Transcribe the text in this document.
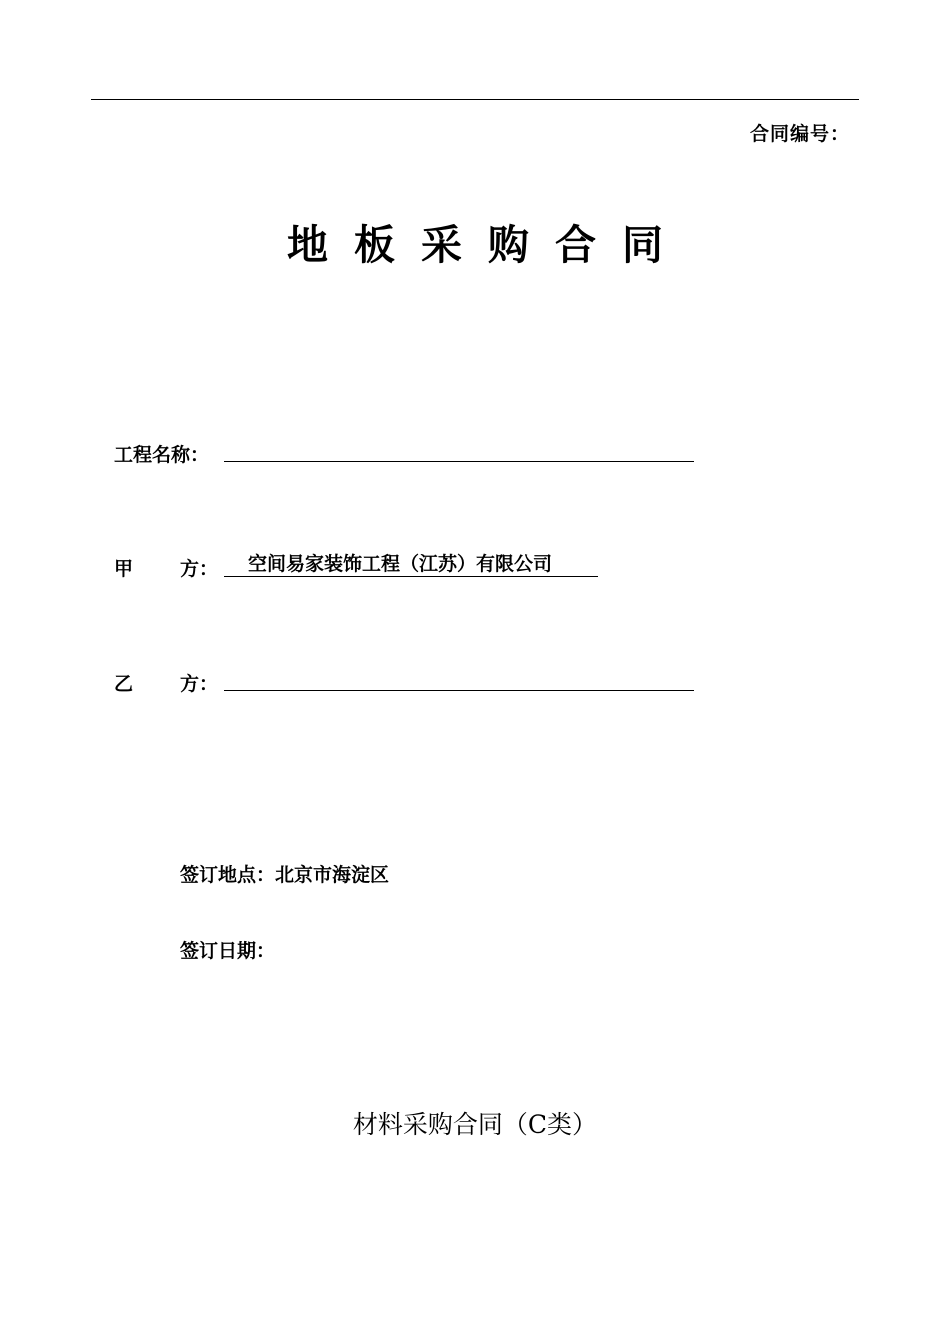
合同编号：
地板采购合同
工程名称：
甲 方：	空间易家装饰工程（江苏）有限公司
乙 方：
签订地点：北京市海淀区
签订日期：
材料采购合同（C类）
